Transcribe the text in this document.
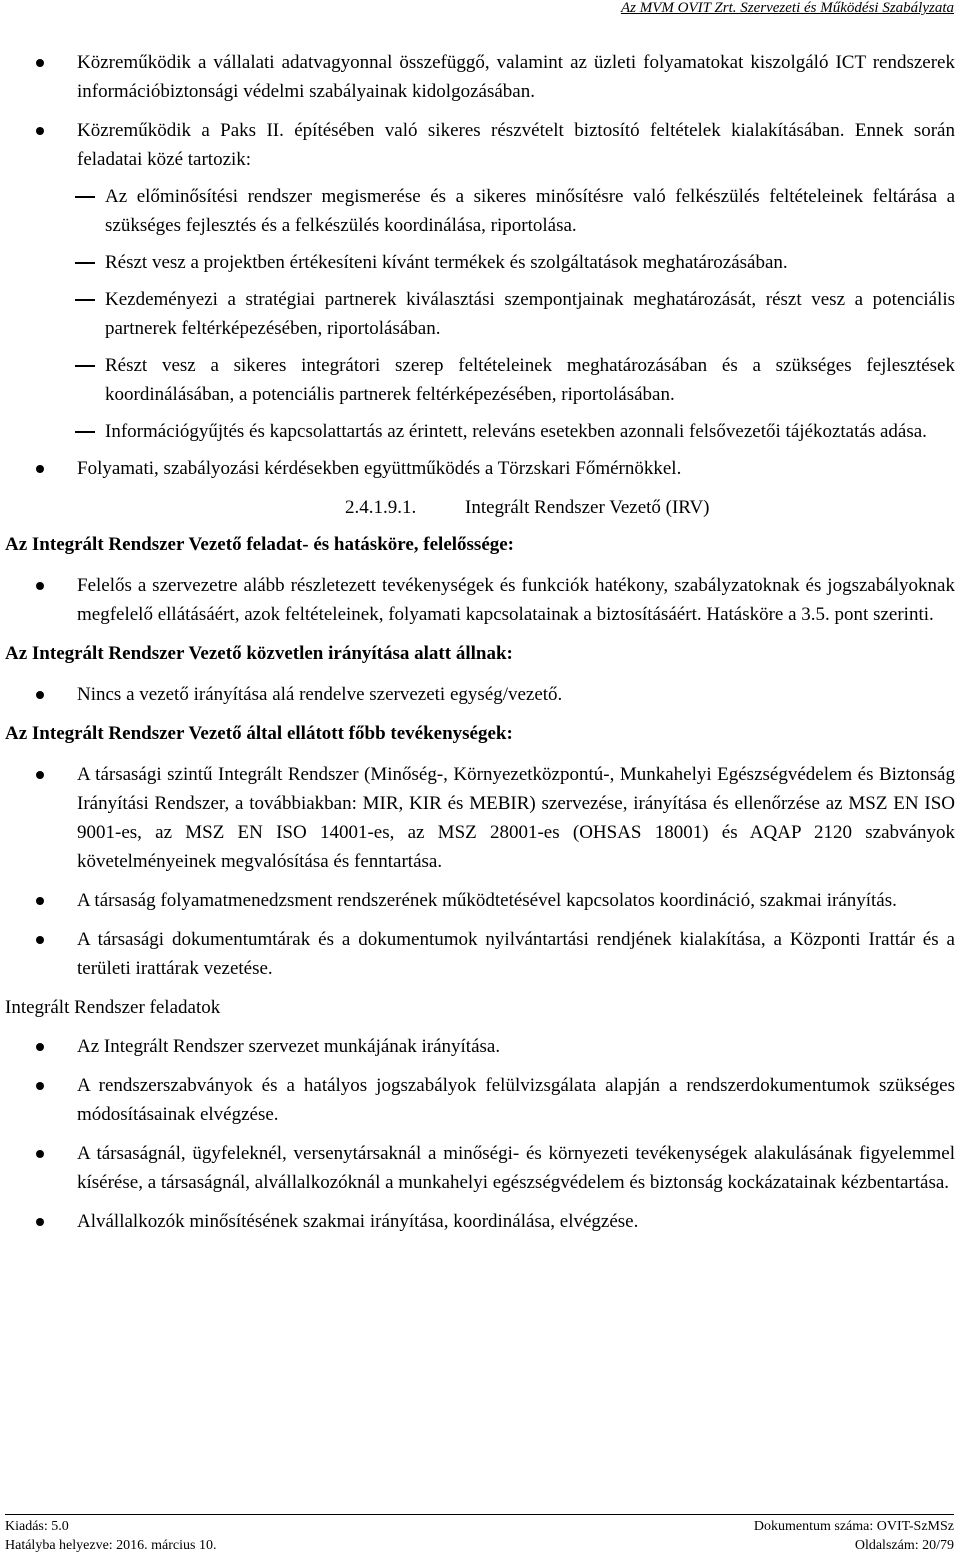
Az MVM OVIT Zrt. Szervezeti és Működési Szabályzata

Közreműködik a vállalati adatvagyonnal összefüggő, valamint az üzleti folyamatokat kiszolgáló ICT rendszerek információbiztonsági védelmi szabályainak kidolgozásában.

Közreműködik a Paks II. építésében való sikeres részvételt biztosító feltételek kialakításában. Ennek során feladatai közé tartozik:

Az előminősítési rendszer megismerése és a sikeres minősítésre való felkészülés feltételeinek feltárása a szükséges fejlesztés és a felkészülés koordinálása, riportolása.

Részt vesz a projektben értékesíteni kívánt termékek és szolgáltatások meghatározásában.

Kezdeményezi a stratégiai partnerek kiválasztási szempontjainak meghatározását, részt vesz a potenciális partnerek feltérképezésében, riportolásában.

Részt vesz a sikeres integrátori szerep feltételeinek meghatározásában és a szükséges fejlesztések koordinálásában, a potenciális partnerek feltérképezésében, riportolásában.

Információgyűjtés és kapcsolattartás az érintett, releváns esetekben azonnali felsővezetői tájékoztatás adása.

Folyamati, szabályozási kérdésekben együttműködés a Törzskari Főmérnökkel.

2.4.1.9.1.	Integrált Rendszer Vezető (IRV)

Az Integrált Rendszer Vezető feladat- és hatásköre, felelőssége:

Felelős a szervezetre alább részletezett tevékenységek és funkciók hatékony, szabályzatoknak és jogszabályoknak megfelelő ellátásáért, azok feltételeinek, folyamati kapcsolatainak a biztosításáért. Hatásköre a 3.5. pont szerinti.

Az Integrált Rendszer Vezető közvetlen irányítása alatt állnak:

Nincs a vezető irányítása alá rendelve szervezeti egység/vezető.

Az Integrált Rendszer Vezető által ellátott főbb tevékenységek:

A társasági szintű Integrált Rendszer (Minőség-, Környezetközpontú-, Munkahelyi Egészségvédelem és Biztonság Irányítási Rendszer, a továbbiakban: MIR, KIR és MEBIR) szervezése, irányítása és ellenőrzése az MSZ EN ISO 9001-es, az MSZ EN ISO 14001-es, az MSZ 28001-es (OHSAS 18001) és AQAP 2120 szabványok követelményeinek megvalósítása és fenntartása.

A társaság folyamatmenedzsment rendszerének működtetésével kapcsolatos koordináció, szakmai irányítás.

A társasági dokumentumtárak és a dokumentumok nyilvántartási rendjének kialakítása, a Központi Irattár és a területi irattárak vezetése.

Integrált Rendszer feladatok

Az Integrált Rendszer szervezet munkájának irányítása.

A rendszerszabványok és a hatályos jogszabályok felülvizsgálata alapján a rendszerdokumentumok szükséges módosításainak elvégzése.

A társaságnál, ügyfeleknél, versenytársaknál a minőségi- és környezeti tevékenységek alakulásának figyelemmel kísérése, a társaságnál, alvállalkozóknál a munkahelyi egészségvédelem és biztonság kockázatainak kézbentartása.

Alvállalkozók minősítésének szakmai irányítása, koordinálása, elvégzése.

Kiadás: 5.0	Dokumentum száma: OVIT-SzMSz
Hatályba helyezve: 2016. március 10.	Oldalszám: 20/79
